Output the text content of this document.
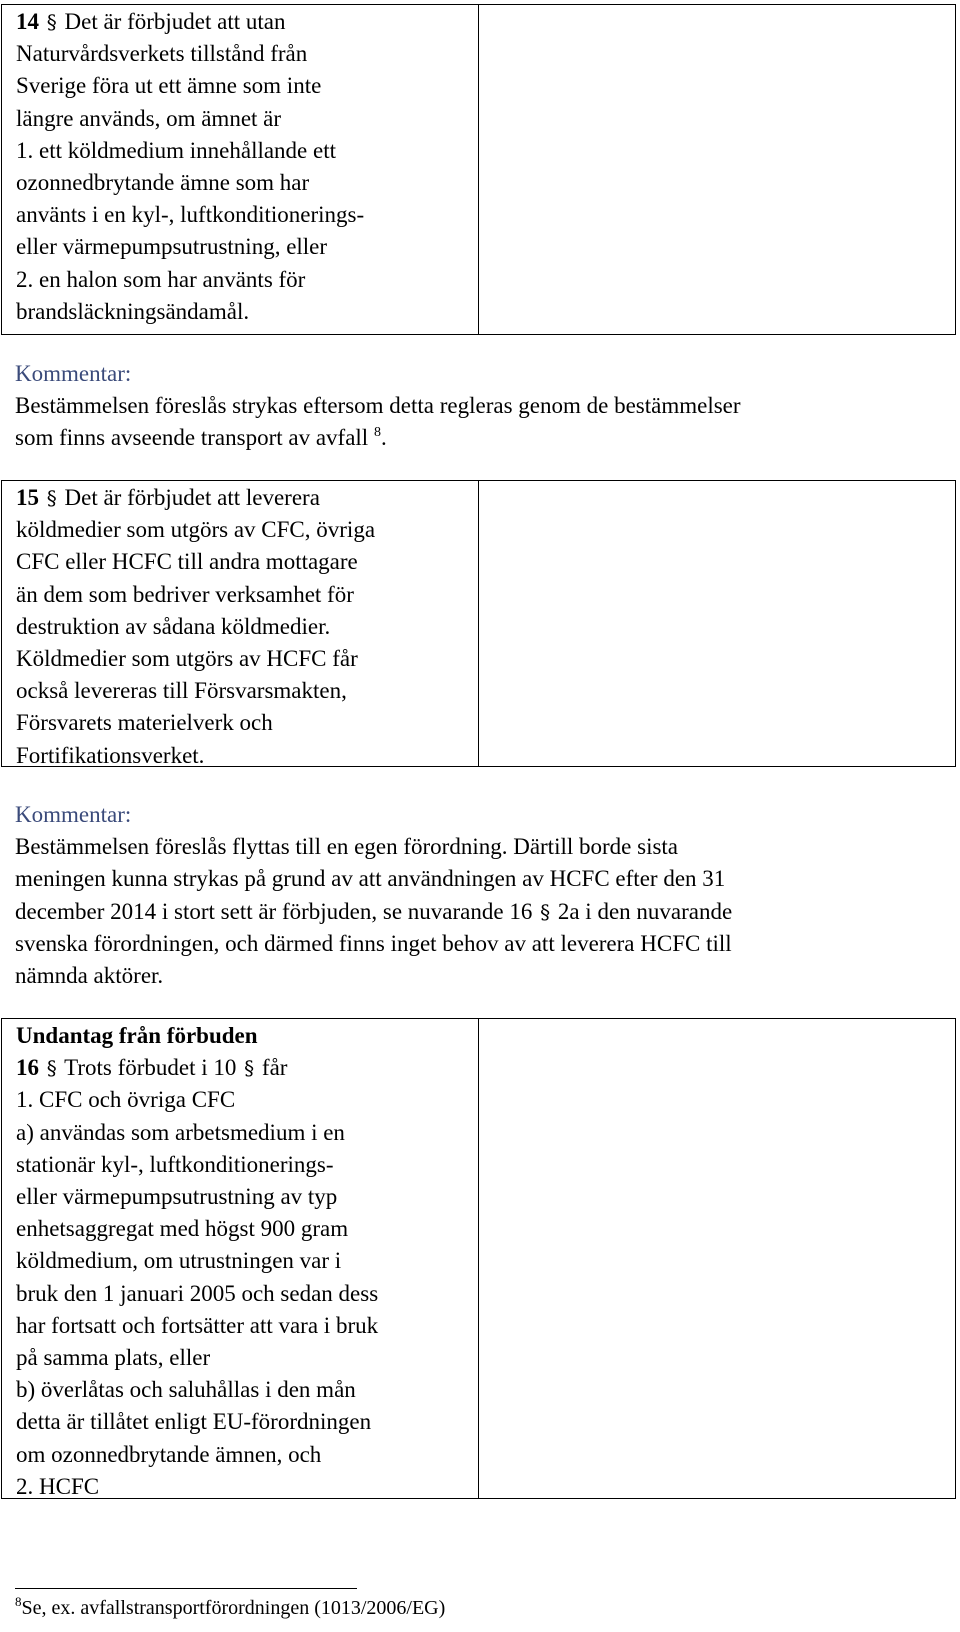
14 § Det är förbjudet att utan
Naturvårdsverkets tillstånd från
Sverige föra ut ett ämne som inte
längre används, om ämnet är
1. ett köldmedium innehållande ett
ozonnedbrytande ämne som har
använts i en kyl-, luftkonditionerings-
eller värmepumpsutrustning, eller
2. en halon som har använts för
brandsläckningsändamål.
Kommentar:
Bestämmelsen föreslås strykas eftersom detta regleras genom de bestämmelser
som finns avseende transport av avfall $^8$.
15 § Det är förbjudet att leverera
köldmedier som utgörs av CFC, övriga
CFC eller HCFC till andra mottagare
än dem som bedriver verksamhet för
destruktion av sådana köldmedier.
Köldmedier som utgörs av HCFC får
också levereras till Försvarsmakten,
Försvarets materielverk och
Fortifikationsverket.
Kommentar:
Bestämmelsen föreslås flyttas till en egen förordning. Därtill borde sista
meningen kunna strykas på grund av att användningen av HCFC efter den 31
december 2014 i stort sett är förbjuden, se nuvarande 16 § 2a i den nuvarande
svenska förordningen, och därmed finns inget behov av att leverera HCFC till
nämnda aktörer.
Undantag från förbuden
16 § Trots förbudet i 10 § får
1. CFC och övriga CFC
a) användas som arbetsmedium i en
stationär kyl-, luftkonditionerings-
eller värmepumpsutrustning av typ
enhetsaggregat med högst 900 gram
köldmedium, om utrustningen var i
bruk den 1 januari 2005 och sedan dess
har fortsatt och fortsätter att vara i bruk
på samma plats, eller
b) överlåtas och saluhållas i den mån
detta är tillåtet enligt EU-förordningen
om ozonnedbrytande ämnen, och
2. HCFC
$^8$Se, ex. avfallstransportförordningen (1013/2006/EG)
